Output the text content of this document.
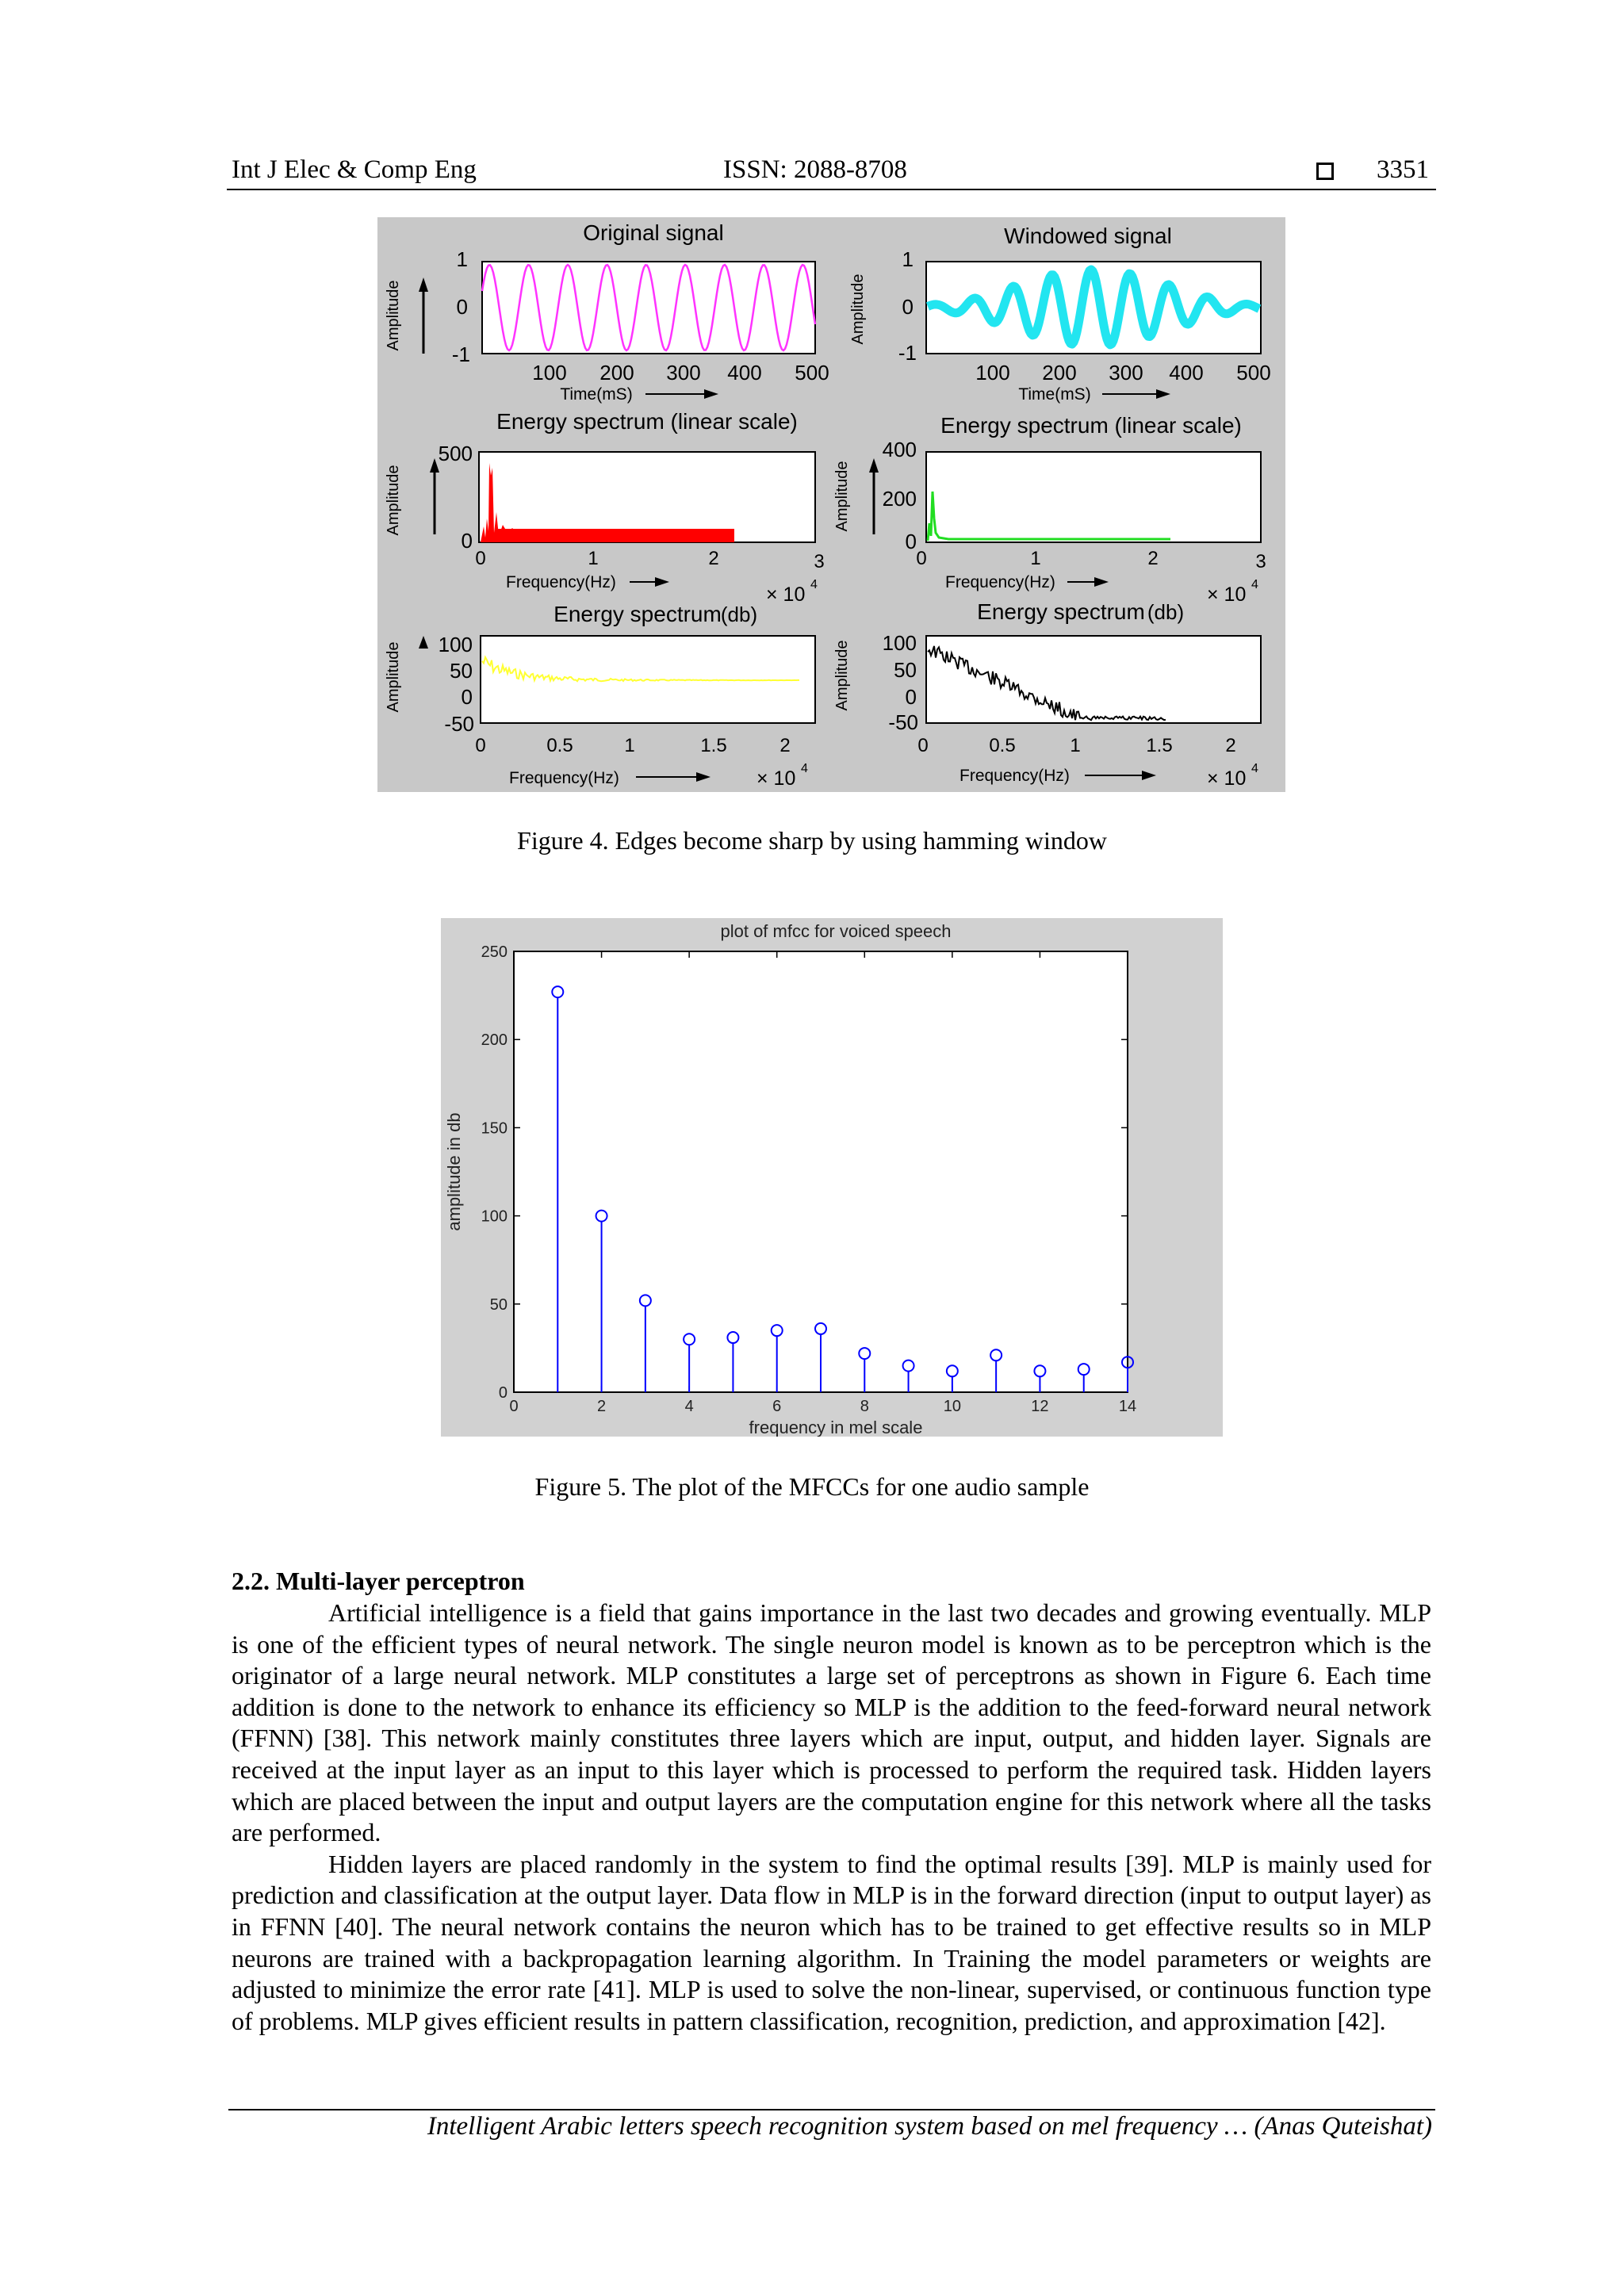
Int J Elec & Comp Eng	ISSN: 2088-8708	3351
Original signal
Amplitude
1
0
-1
100 200 300 400 500
Time(mS)
Energy spectrum (linear scale)
Amplitude
500
0
0	1	2	3
Frequency(Hz)
× 10 4
Energy spectrum (db)
Amplitude 100
50
0
-50
0	0.5	1	1.5	2
Frequency(Hz)	× 10 4
Windowed signal
Amplitude
1
0
-1
100 200 300 400 500
Time(mS)
Energy spectrum (linear scale)
Amplitude
400
200
0
0	1	2	3
Frequency(Hz)
× 10 4
Energy spectrum (db)
Amplitude 100
50
0
-50
0	0.5	1	1.5	2
Frequency(Hz)	× 10 4
Figure 4. Edges become sharp by using hamming window
plot of mfcc for voiced speech
frequency in mel scale
amplitude in db
0	2	4	6	8	10	12	14
0
50
100
150
200
250
Figure 5. The plot of the MFCCs for one audio sample
2.2. Multi-layer perceptron

Artificial intelligence is a field that gains importance in the last two decades and growing eventually. MLP is one of the efficient types of neural network. The single neuron model is known as to be perceptron which is the originator of a large neural network. MLP constitutes a large set of perceptrons as shown in Figure 6. Each time addition is done to the network to enhance its efficiency so MLP is the addition to the feed-forward neural network (FFNN) [38]. This network mainly constitutes three layers which are input, output, and hidden layer. Signals are received at the input layer as an input to this layer which is processed to perform the required task. Hidden layers which are placed between the input and output layers are the computation engine for this network where all the tasks are performed.

Hidden layers are placed randomly in the system to find the optimal results [39]. MLP is mainly used for prediction and classification at the output layer. Data flow in MLP is in the forward direction (input to output layer) as in FFNN [40]. The neural network contains the neuron which has to be trained to get effective results so in MLP neurons are trained with a backpropagation learning algorithm. In Training the model parameters or weights are adjusted to minimize the error rate [41]. MLP is used to solve the non-linear, supervised, or continuous function type of problems. MLP gives efficient results in pattern classification, recognition, prediction, and approximation [42].

Intelligent Arabic letters speech recognition system based on mel frequency … (Anas Quteishat)
